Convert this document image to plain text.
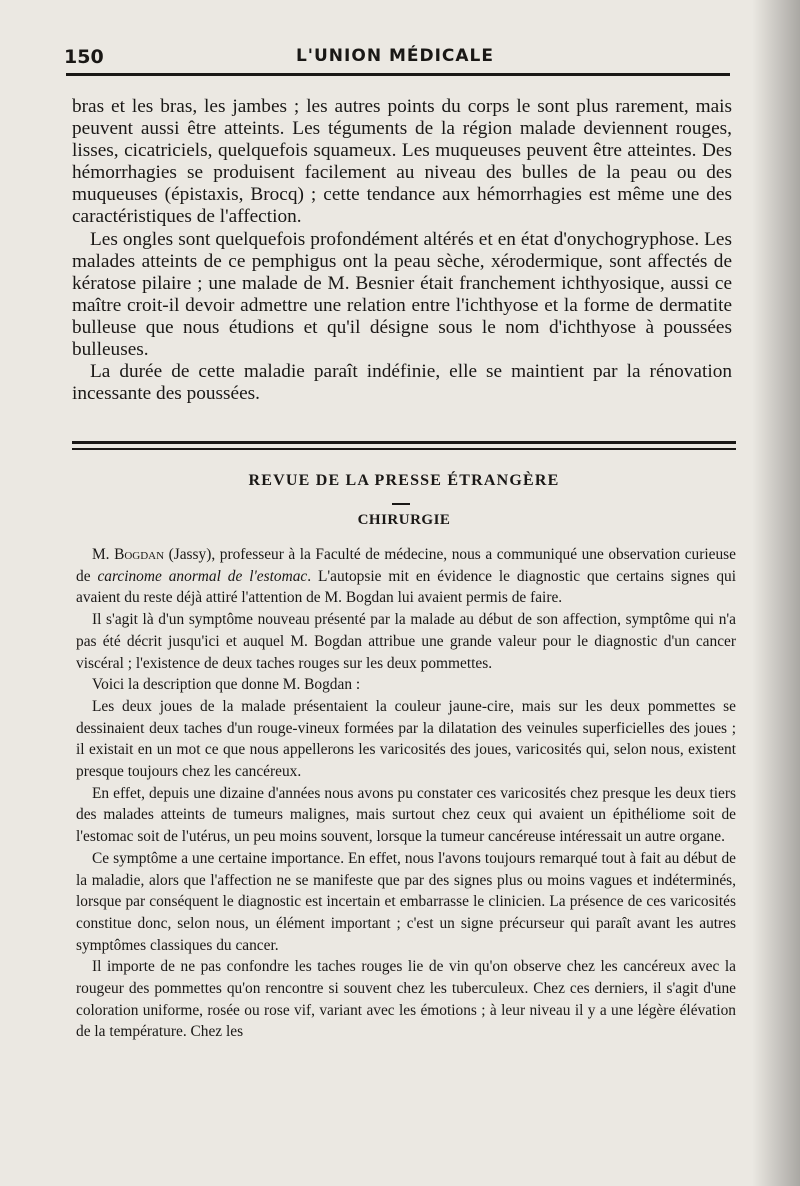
150	L'UNION MÉDICALE

bras et les bras, les jambes ; les autres points du corps le sont plus rarement, mais peuvent aussi être atteints. Les téguments de la région malade deviennent rouges, lisses, cicatriciels, quelquefois squameux. Les muqueuses peuvent être atteintes. Des hémorrhagies se produisent facilement au niveau des bulles de la peau ou des muqueuses (épistaxis, Brocq) ; cette tendance aux hémorrhagies est même une des caractéristiques de l'affection.

Les ongles sont quelquefois profondément altérés et en état d'onychogryphose. Les malades atteints de ce pemphigus ont la peau sèche, xérodermique, sont affectés de kératose pilaire ; une malade de M. Besnier était franchement ichthyosique, aussi ce maître croit-il devoir admettre une relation entre l'ichthyose et la forme de dermatite bulleuse que nous étudions et qu'il désigne sous le nom d'ichthyose à poussées bulleuses.

La durée de cette maladie paraît indéfinie, elle se maintient par la rénovation incessante des poussées.

REVUE DE LA PRESSE ÉTRANGÈRE
CHIRURGIE

M. Bogdan (Jassy), professeur à la Faculté de médecine, nous a communiqué une observation curieuse de carcinome anormal de l'estomac. L'autopsie mit en évidence le diagnostic que certains signes qui avaient du reste déjà attiré l'attention de M. Bogdan lui avaient permis de faire.

Il s'agit là d'un symptôme nouveau présenté par la malade au début de son affection, symptôme qui n'a pas été décrit jusqu'ici et auquel M. Bogdan attribue une grande valeur pour le diagnostic d'un cancer viscéral ; l'existence de deux taches rouges sur les deux pommettes.

Voici la description que donne M. Bogdan :

Les deux joues de la malade présentaient la couleur jaune-cire, mais sur les deux pommettes se dessinaient deux taches d'un rouge-vineux formées par la dilatation des veinules superficielles des joues ; il existait en un mot ce que nous appellerons les varicosités des joues, varicosités qui, selon nous, existent presque toujours chez les cancéreux.

En effet, depuis une dizaine d'années nous avons pu constater ces varicosités chez presque les deux tiers des malades atteints de tumeurs malignes, mais surtout chez ceux qui avaient un épithéliome soit de l'estomac soit de l'utérus, un peu moins souvent, lorsque la tumeur cancéreuse intéressait un autre organe.

Ce symptôme a une certaine importance. En effet, nous l'avons toujours remarqué tout à fait au début de la maladie, alors que l'affection ne se manifeste que par des signes plus ou moins vagues et indéterminés, lorsque par conséquent le diagnostic est incertain et embarrasse le clinicien. La présence de ces varicosités constitue donc, selon nous, un élément important ; c'est un signe précurseur qui paraît avant les autres symptômes classiques du cancer.

Il importe de ne pas confondre les taches rouges lie de vin qu'on observe chez les cancéreux avec la rougeur des pommettes qu'on rencontre si souvent chez les tuberculeux. Chez ces derniers, il s'agit d'une coloration uniforme, rosée ou rose vif, variant avec les émotions ; à leur niveau il y a une légère élévation de la température. Chez les
